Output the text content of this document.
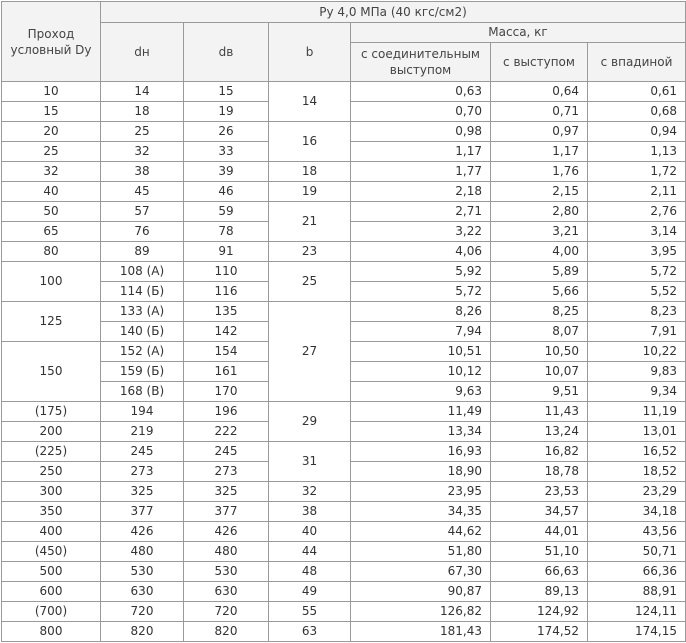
Проход условный Dy	Ру 4,0 МПа (40 кгс/см2)					
	dн	dв	b	Масса, кг		
				с соединительным выступом	с выступом	с впадиной
10	14	15	14	0,63	0,64	0,61
15	18	19		0,70	0,71	0,68
20	25	26	16	0,98	0,97	0,94
25	32	33		1,17	1,17	1,13
32	38	39	18	1,77	1,76	1,72
40	45	46	19	2,18	2,15	2,11
50	57	59	21	2,71	2,80	2,76
65	76	78		3,22	3,21	3,14
80	89	91	23	4,06	4,00	3,95
100	108 (А)	110	25	5,92	5,89	5,72
	114 (Б)	116		5,72	5,66	5,52
125	133 (А)	135	27	8,26	8,25	8,23
	140 (Б)	142		7,94	8,07	7,91
150	152 (А)	154		10,51	10,50	10,22
	159 (Б)	161		10,12	10,07	9,83
	168 (В)	170		9,63	9,51	9,34
(175)	194	196	29	11,49	11,43	11,19
200	219	222		13,34	13,24	13,01
(225)	245	245	31	16,93	16,82	16,52
250	273	273		18,90	18,78	18,52
300	325	325	32	23,95	23,53	23,29
350	377	377	38	34,35	34,57	34,18
400	426	426	40	44,62	44,01	43,56
(450)	480	480	44	51,80	51,10	50,71
500	530	530	48	67,30	66,63	66,36
600	630	630	49	90,87	89,13	88,91
(700)	720	720	55	126,82	124,92	124,11
800	820	820	63	181,43	174,52	174,15
